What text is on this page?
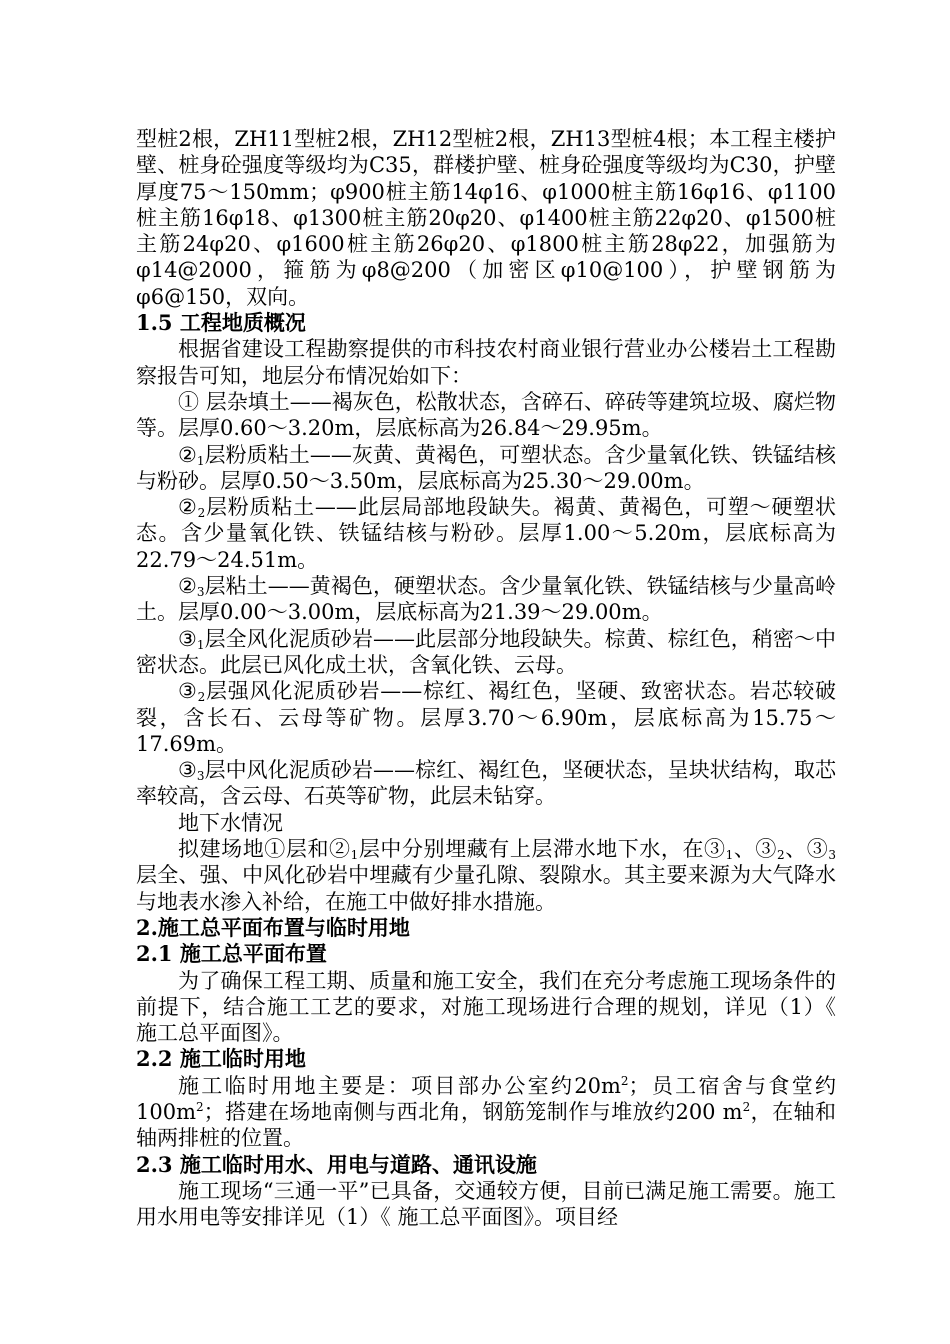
型桩2根，ZH11型桩2根，ZH12型桩2根，ZH13型桩4根；本工程主楼护壁、桩身砼强度等级均为C35，群楼护壁、桩身砼强度等级均为C30，护壁厚度75～150mm；φ900桩主筋14φ16、φ1000桩主筋16φ16、φ1100桩主筋16φ18、φ1300桩主筋20φ20、φ1400桩主筋22φ20、φ1500桩主筋24φ20、φ1600桩主筋26φ20、φ1800桩主筋28φ22，加强筋为φ14@2000，箍筋为φ8@200（加密区φ10@100），护壁钢筋为φ6@150，双向。

1.5 工程地质概况

根据省建设工程勘察提供的市科技农村商业银行营业办公楼岩土工程勘察报告可知，地层分布情况始如下：

① 层杂填土——褐灰色，松散状态，含碎石、碎砖等建筑垃圾、腐烂物等。层厚0.60～3.20m，层底标高为26.84～29.95m。

$②_1$层粉质粘土——灰黄、黄褐色，可塑状态。含少量氧化铁、铁锰结核与粉砂。层厚0.50～3.50m，层底标高为25.30～29.00m。

$②_2$层粉质粘土——此层局部地段缺失。褐黄、黄褐色，可塑～硬塑状态。含少量氧化铁、铁锰结核与粉砂。层厚1.00～5.20m，层底标高为22.79～24.51m。

$②_3$层粘土——黄褐色，硬塑状态。含少量氧化铁、铁锰结核与少量高岭土。层厚0.00～3.00m，层底标高为21.39～29.00m。

$③_1$层全风化泥质砂岩——此层部分地段缺失。棕黄、棕红色，稍密～中密状态。此层已风化成土状，含氧化铁、云母。

$③_2$层强风化泥质砂岩——棕红、褐红色，坚硬、致密状态。岩芯较破裂，含长石、云母等矿物。层厚3.70～6.90m，层底标高为15.75～17.69m。

$③_3$层中风化泥质砂岩——棕红、褐红色，坚硬状态，呈块状结构，取芯率较高，含云母、石英等矿物，此层未钻穿。

地下水情况

拟建场地①层和$②_1$层中分别埋藏有上层滞水地下水，在$③_1$、$③_2$、$③_3$层全、强、中风化砂岩中埋藏有少量孔隙、裂隙水。其主要来源为大气降水与地表水渗入补给，在施工中做好排水措施。

2.施工总平面布置与临时用地
2.1 施工总平面布置

为了确保工程工期、质量和施工安全，我们在充分考虑施工现场条件的前提下，结合施工工艺的要求，对施工现场进行合理的规划，详见（1）《 施工总平面图》。

2.2 施工临时用地

施工临时用地主要是：项目部办公室约$20m^2$；员工宿舍与食堂约$100m^2$；搭建在场地南侧与西北角，钢筋笼制作与堆放约200 $m^2$，在轴和轴两排桩的位置。

2.3 施工临时用水、用电与道路、通讯设施

施工现场“三通一平”已具备，交通较方便，目前已满足施工需要。施工用水用电等安排详见（1）《 施工总平面图》。项目经
